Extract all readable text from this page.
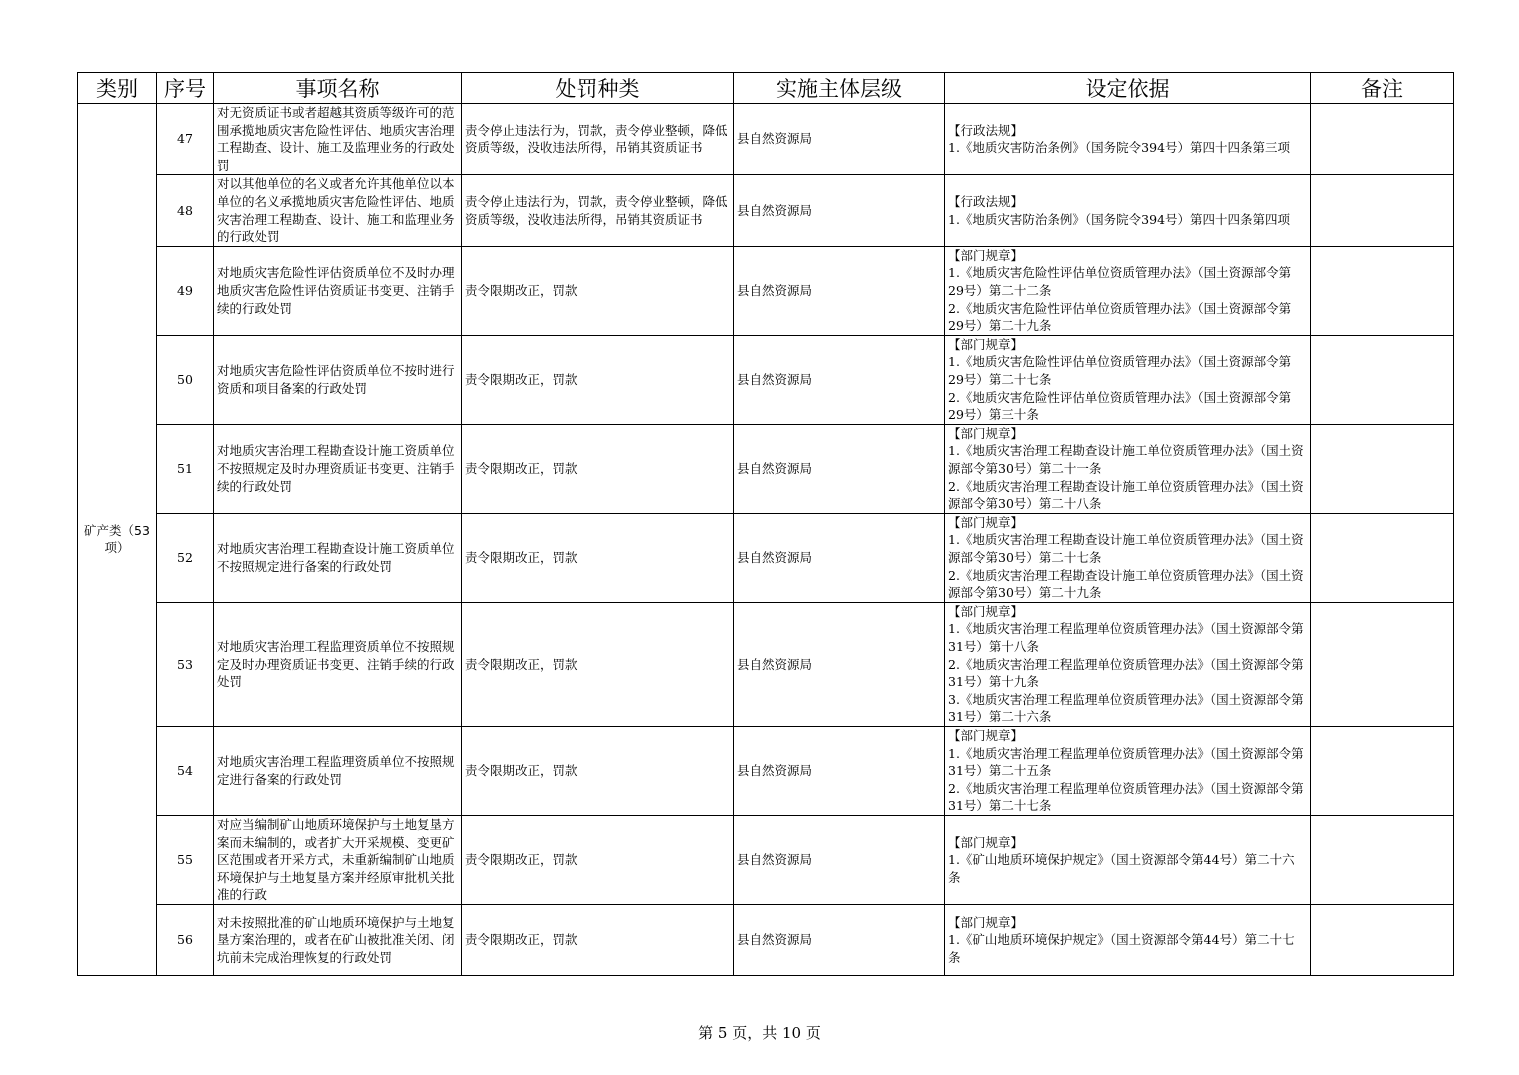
类别	序号	事项名称	处罚种类	实施主体层级	设定依据	备注
矿产类（53项）	47	对无资质证书或者超越其资质等级许可的范围承揽地质灾害危险性评估、地质灾害治理工程勘查、设计、施工及监理业务的行政处罚	责令停止违法行为，罚款，责令停业整顿，降低资质等级，没收违法所得，吊销其资质证书	县自然资源局	【行政法规】
1.《地质灾害防治条例》（国务院令394号）第四十四条第三项	

	48	对以其他单位的名义或者允许其他单位以本单位的名义承揽地质灾害危险性评估、地质灾害治理工程勘查、设计、施工和监理业务的行政处罚	责令停止违法行为，罚款，责令停业整顿，降低资质等级，没收违法所得，吊销其资质证书	县自然资源局	【行政法规】
1.《地质灾害防治条例》（国务院令394号）第四十四条第四项	

	49	对地质灾害危险性评估资质单位不及时办理地质灾害危险性评估资质证书变更、注销手续的行政处罚	责令限期改正，罚款	县自然资源局	【部门规章】
1.《地质灾害危险性评估单位资质管理办法》（国土资源部令第29号）第二十二条
2.《地质灾害危险性评估单位资质管理办法》（国土资源部令第29号）第二十九条	

	50	对地质灾害危险性评估资质单位不按时进行资质和项目备案的行政处罚	责令限期改正，罚款	县自然资源局	【部门规章】
1.《地质灾害危险性评估单位资质管理办法》（国土资源部令第29号）第二十七条
2.《地质灾害危险性评估单位资质管理办法》（国土资源部令第29号）第三十条	

	51	对地质灾害治理工程勘查设计施工资质单位不按照规定及时办理资质证书变更、注销手续的行政处罚	责令限期改正，罚款	县自然资源局	【部门规章】
1.《地质灾害治理工程勘查设计施工单位资质管理办法》（国土资源部令第30号）第二十一条
2.《地质灾害治理工程勘查设计施工单位资质管理办法》（国土资源部令第30号）第二十八条	

	52	对地质灾害治理工程勘查设计施工资质单位不按照规定进行备案的行政处罚	责令限期改正，罚款	县自然资源局	【部门规章】
1.《地质灾害治理工程勘查设计施工单位资质管理办法》（国土资源部令第30号）第二十七条
2.《地质灾害治理工程勘查设计施工单位资质管理办法》（国土资源部令第30号）第二十九条	

	53	对地质灾害治理工程监理资质单位不按照规定及时办理资质证书变更、注销手续的行政处罚	责令限期改正，罚款	县自然资源局	【部门规章】
1.《地质灾害治理工程监理单位资质管理办法》（国土资源部令第31号）第十八条
2.《地质灾害治理工程监理单位资质管理办法》（国土资源部令第31号）第十九条
3.《地质灾害治理工程监理单位资质管理办法》（国土资源部令第31号）第二十六条	

	54	对地质灾害治理工程监理资质单位不按照规定进行备案的行政处罚	责令限期改正，罚款	县自然资源局	【部门规章】
1.《地质灾害治理工程监理单位资质管理办法》（国土资源部令第31号）第二十五条
2.《地质灾害治理工程监理单位资质管理办法》（国土资源部令第31号）第二十七条	

	55	对应当编制矿山地质环境保护与土地复垦方案而未编制的，或者扩大开采规模、变更矿区范围或者开采方式，未重新编制矿山地质环境保护与土地复垦方案并经原审批机关批准的行政	责令限期改正，罚款	县自然资源局	【部门规章】
1.《矿山地质环境保护规定》（国土资源部令第44号）第二十六条	

	56	对未按照批准的矿山地质环境保护与土地复垦方案治理的，或者在矿山被批准关闭、闭坑前未完成治理恢复的行政处罚	责令限期改正，罚款	县自然资源局	【部门规章】
1.《矿山地质环境保护规定》（国土资源部令第44号）第二十七条	

第 5 页，共 10 页
